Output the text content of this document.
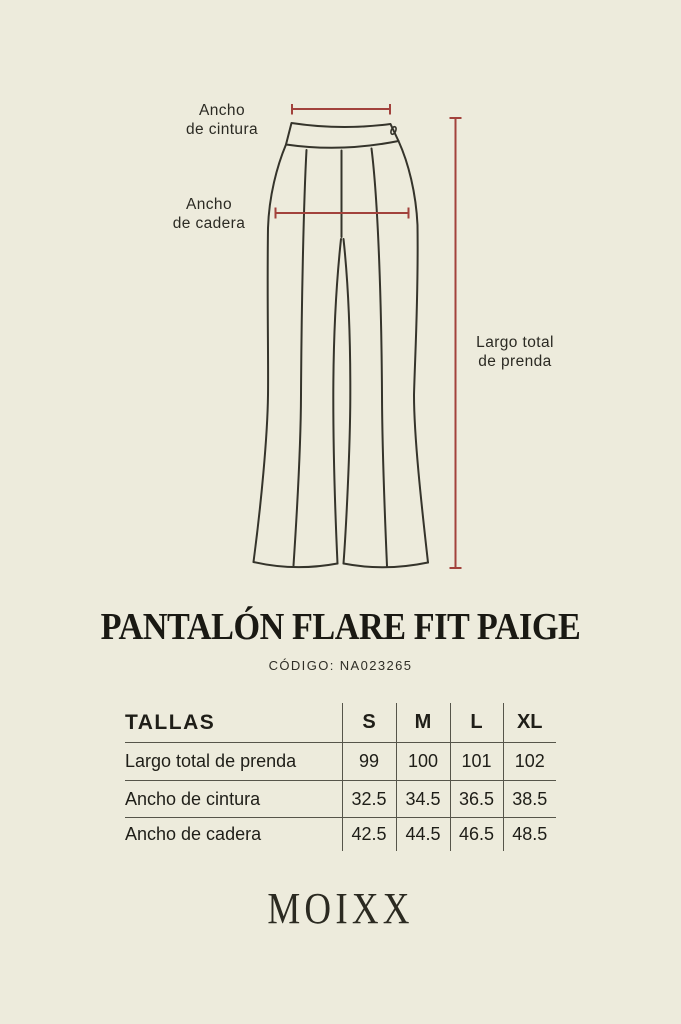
Ancho
de cintura
Ancho
de cadera
Largo total
de prenda
PANTALÓN FLARE FIT PAIGE
CÓDIGO: NA023265
TALLAS	S	M	L	XL
Largo total de prenda	99	100	101	102
Ancho de cintura	32.5	34.5	36.5	38.5
Ancho de cadera	42.5	44.5	46.5	48.5
MOIXX
